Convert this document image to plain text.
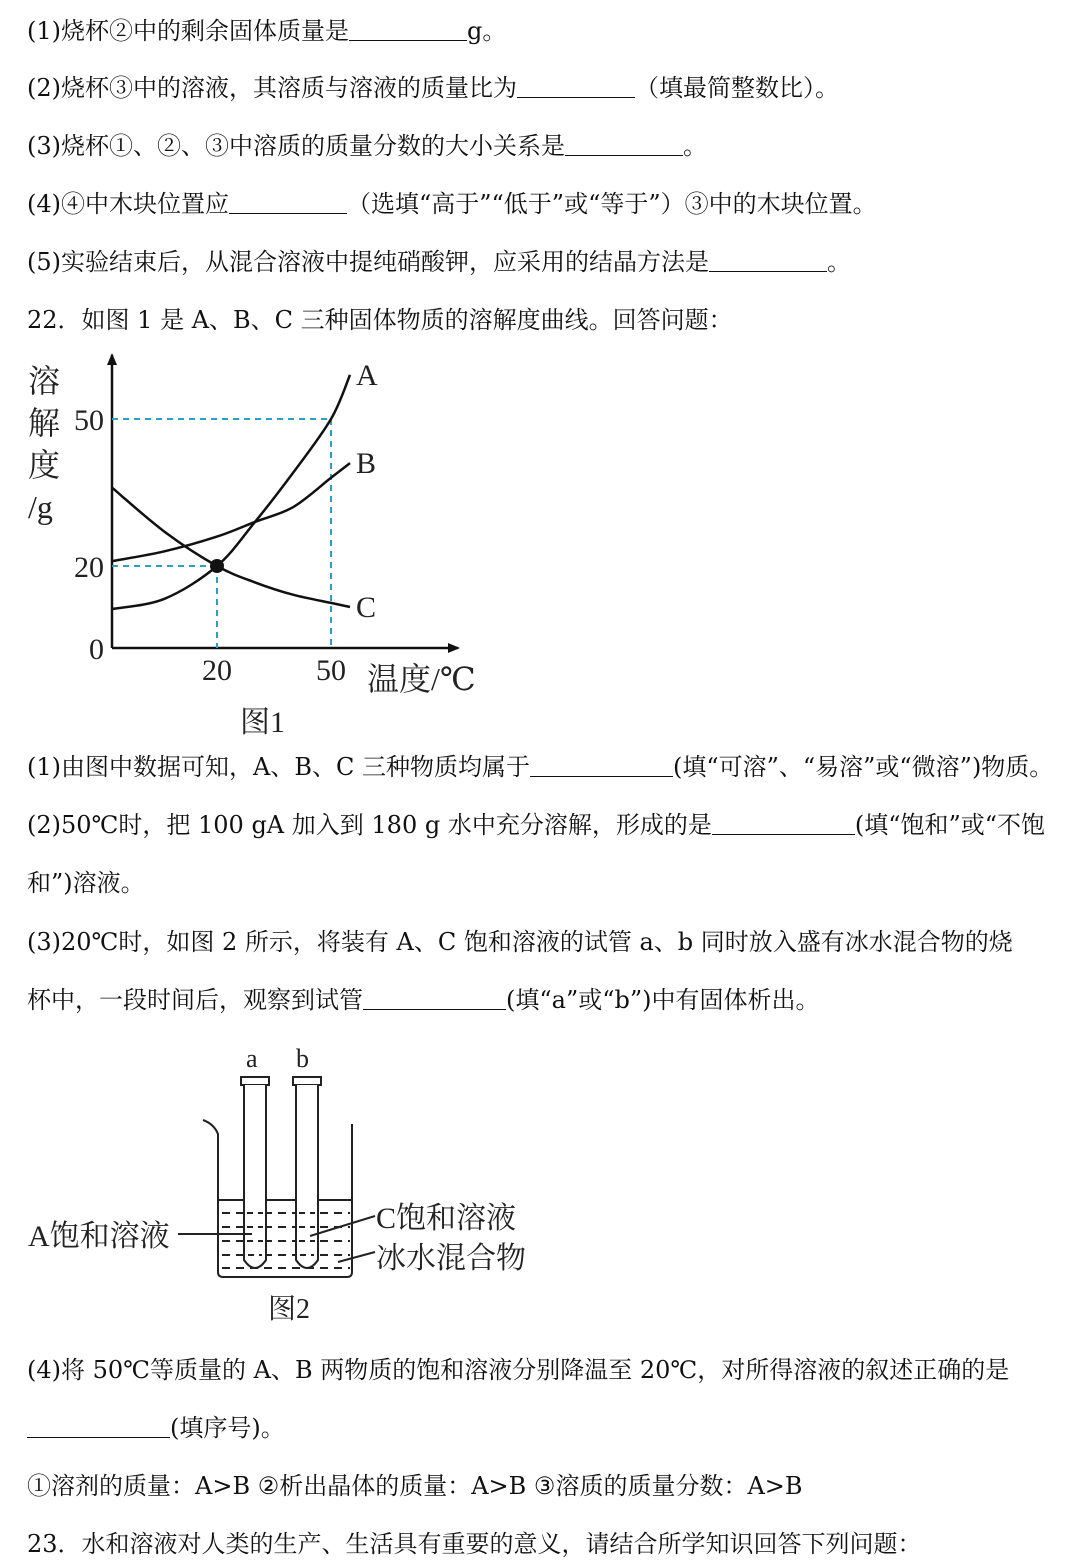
(1)烧杯②中的剩余固体质量是	g。
(2)烧杯③中的溶液，其溶质与溶液的质量比为	（填最简整数比）。
(3)烧杯①、②、③中溶质的质量分数的大小关系是	。
(4)④中木块位置应	（选填“高于”“低于”或“等于”）③中的木块位置。
(5)实验结束后，从混合溶液中提纯硝酸钾，应采用的结晶方法是	。
22．如图 1 是 A、B、C 三种固体物质的溶解度曲线。回答问题：
溶解度/g
0
20
50
20	50
A
B
C
温度/℃
图1
(1)由图中数据可知，A、B、C 三种物质均属于	(填“可溶”、“易溶”或“微溶”)物质。
(2)50℃时，把 100 gA 加入到 180 g 水中充分溶解，形成的是	(填“饱和”或“不饱
和”)溶液。
(3)20℃时，如图 2 所示，将装有 A、C 饱和溶液的试管 a、b 同时放入盛有冰水混合物的烧
杯中，一段时间后，观察到试管	(填“a”或“b”)中有固体析出。
a b
A饱和溶液
C饱和溶液
冰水混合物
图2
(4)将 50℃等质量的 A、B 两物质的饱和溶液分别降温至 20℃，对所得溶液的叙述正确的是
(填序号)。
①溶剂的质量：A>B ②析出晶体的质量：A>B ③溶质的质量分数：A>B
23．水和溶液对人类的生产、生活具有重要的意义，请结合所学知识回答下列问题：
